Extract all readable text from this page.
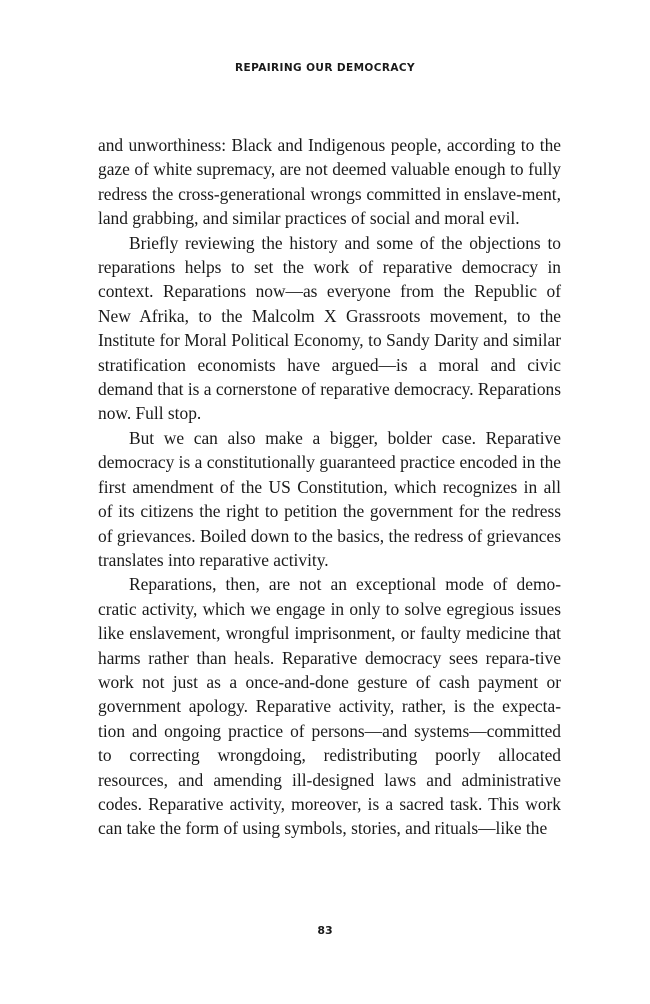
REPAIRING OUR DEMOCRACY

and unworthiness: Black and Indigenous people, according to the gaze of white supremacy, are not deemed valuable enough to fully redress the cross-generational wrongs committed in enslave-ment, land grabbing, and similar practices of social and moral evil.

Briefly reviewing the history and some of the objections to reparations helps to set the work of reparative democracy in context. Reparations now—as everyone from the Republic of New Afrika, to the Malcolm X Grassroots movement, to the Institute for Moral Political Economy, to Sandy Darity and similar stratification economists have argued—is a moral and civic demand that is a cornerstone of reparative democracy. Reparations now. Full stop.

But we can also make a bigger, bolder case. Reparative democracy is a constitutionally guaranteed practice encoded in the first amendment of the US Constitution, which recognizes in all of its citizens the right to petition the government for the redress of grievances. Boiled down to the basics, the redress of grievances translates into reparative activity.

Reparations, then, are not an exceptional mode of demo-cratic activity, which we engage in only to solve egregious issues like enslavement, wrongful imprisonment, or faulty medicine that harms rather than heals. Reparative democracy sees repara-tive work not just as a once-and-done gesture of cash payment or government apology. Reparative activity, rather, is the expecta-tion and ongoing practice of persons—and systems—committed to correcting wrongdoing, redistributing poorly allocated resources, and amending ill-designed laws and administrative codes. Reparative activity, moreover, is a sacred task. This work can take the form of using symbols, stories, and rituals—like the

83
